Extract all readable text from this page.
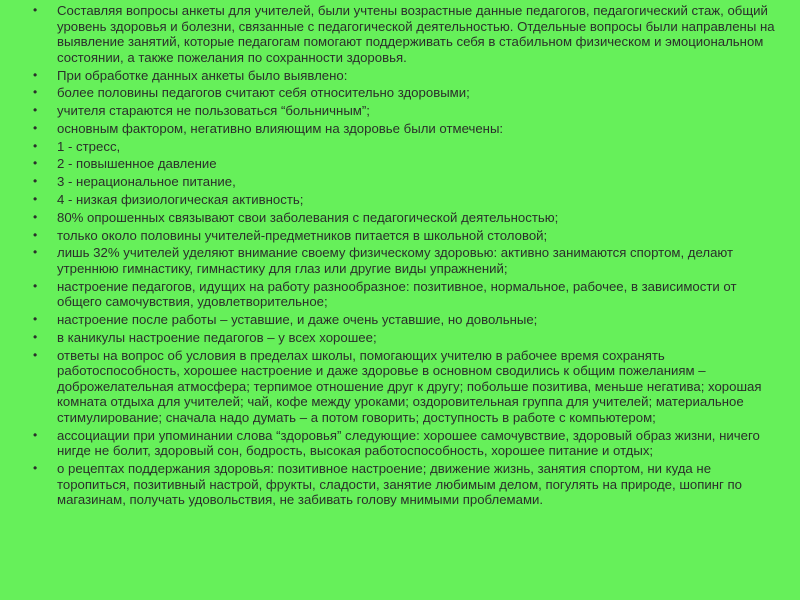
•	Составляя вопросы анкеты для учителей, были учтены возрастные данные педагогов, педагогический стаж, общий уровень здоровья и болезни, связанные с педагогической деятельностью. Отдельные вопросы были направлены на выявление занятий, которые педагогам помогают поддерживать себя в стабильном физическом и эмоциональном состоянии, а также пожелания по сохранности здоровья.
•	При обработке данных анкеты было выявлено:
•	более половины педагогов считают себя относительно здоровыми;
•	учителя стараются не пользоваться “больничным”;
•	основным фактором, негативно влияющим на здоровье были отмечены:
•	1 - стресс,
•	2 - повышенное давление
•	3 - нерациональное питание,
•	4 - низкая физиологическая активность;
•	80% опрошенных связывают свои заболевания с педагогической деятельностью;
•	только около половины учителей-предметников питается в школьной столовой;
•	лишь 32% учителей уделяют внимание своему физическому здоровью: активно занимаются спортом, делают утреннюю гимнастику, гимнастику для глаз или другие виды упражнений;
•	настроение педагогов, идущих на работу разнообразное: позитивное, нормальное, рабочее, в зависимости от общего самочувствия, удовлетворительное;
•	настроение после работы – уставшие, и даже очень уставшие, но довольные;
•	в каникулы настроение педагогов – у всех хорошее;
•	ответы на вопрос об условия в пределах школы, помогающих учителю в рабочее время сохранять работоспособность, хорошее настроение и даже здоровье в основном сводились к общим пожеланиям – доброжелательная атмосфера; терпимое отношение друг к другу; побольше позитива, меньше негатива; хорошая комната отдыха для учителей; чай, кофе между уроками; оздоровительная группа для учителей; материальное стимулирование; сначала надо думать – а потом говорить; доступность в работе с компьютером;
•	ассоциации при упоминании слова “здоровья” следующие: хорошее самочувствие, здоровый образ жизни, ничего нигде не болит, здоровый сон, бодрость, высокая работоспособность, хорошее питание и отдых;
•	о рецептах поддержания здоровья: позитивное настроение; движение жизнь, занятия спортом, ни куда не торопиться, позитивный настрой, фрукты, сладости, занятие любимым делом, погулять на природе, шопинг по магазинам, получать удовольствия, не забивать голову мнимыми проблемами.
